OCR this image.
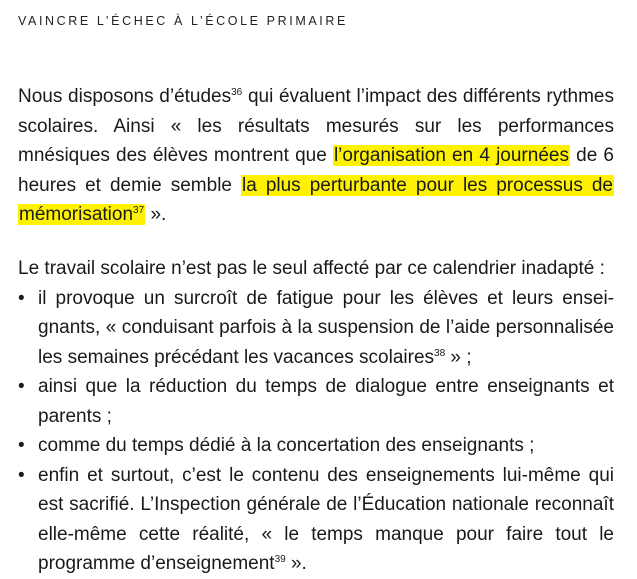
VAINCRE L’ÉCHEC À L’ÉCOLE PRIMAIRE
Nous disposons d’études$^{36}$ qui évaluent l’impact des différents rythmes scolaires. Ainsi « les résultats mesurés sur les performances mnésiques des élèves montrent que l’organisation en 4 journées de 6 heures et demie semble la plus perturbante pour les processus de mémorisation$^{37}$ ».
Le travail scolaire n’est pas le seul affecté par ce calendrier inadapté :
• il provoque un surcroît de fatigue pour les élèves et leurs enseignants, « conduisant parfois à la suspension de l’aide personnalisée les semaines précédant les vacances scolaires$^{38}$ » ;
• ainsi que la réduction du temps de dialogue entre enseignants et parents ;
• comme du temps dédié à la concertation des enseignants ;
• enfin et surtout, c’est le contenu des enseignements lui-même qui est sacrifié. L’Inspection générale de l’Éducation nationale reconnaît elle-même cette réalité, « le temps manque pour faire tout le programme d’enseignement$^{39}$ ».
